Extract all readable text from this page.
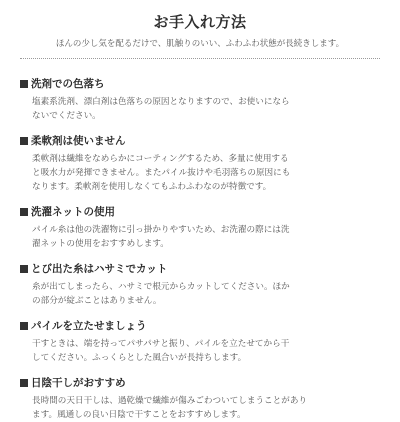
お手入れ方法
ほんの少し気を配るだけで、肌触りのいい、ふわふわ状態が長続きします。
洗剤での色落ち
塩素系洗剤、漂白剤は色落ちの原因となりますので、お使いになら
ないでください。
柔軟剤は使いません
柔軟剤は繊維をなめらかにコーティングするため、多量に使用する
と吸水力が発揮できません。またパイル抜けや毛羽落ちの原因にも
なります。柔軟剤を使用しなくてもふわふわなのが特徴です。
洗濯ネットの使用
パイル糸は他の洗濯物に引っ掛かりやすいため、お洗濯の際には洗
濯ネットの使用をおすすめします。
とび出た糸はハサミでカット
糸が出てしまったら、ハサミで根元からカットしてください。ほか
の部分が綻ぶことはありません。
パイルを立たせましょう
干すときは、端を持ってパサパサと振り、パイルを立たせてから干
してください。ふっくらとした風合いが長持ちします。
日陰干しがおすすめ
長時間の天日干しは、過乾燥で繊維が傷みごわついてしまうことがあり
ます。風通しの良い日陰で干すことをおすすめします。
